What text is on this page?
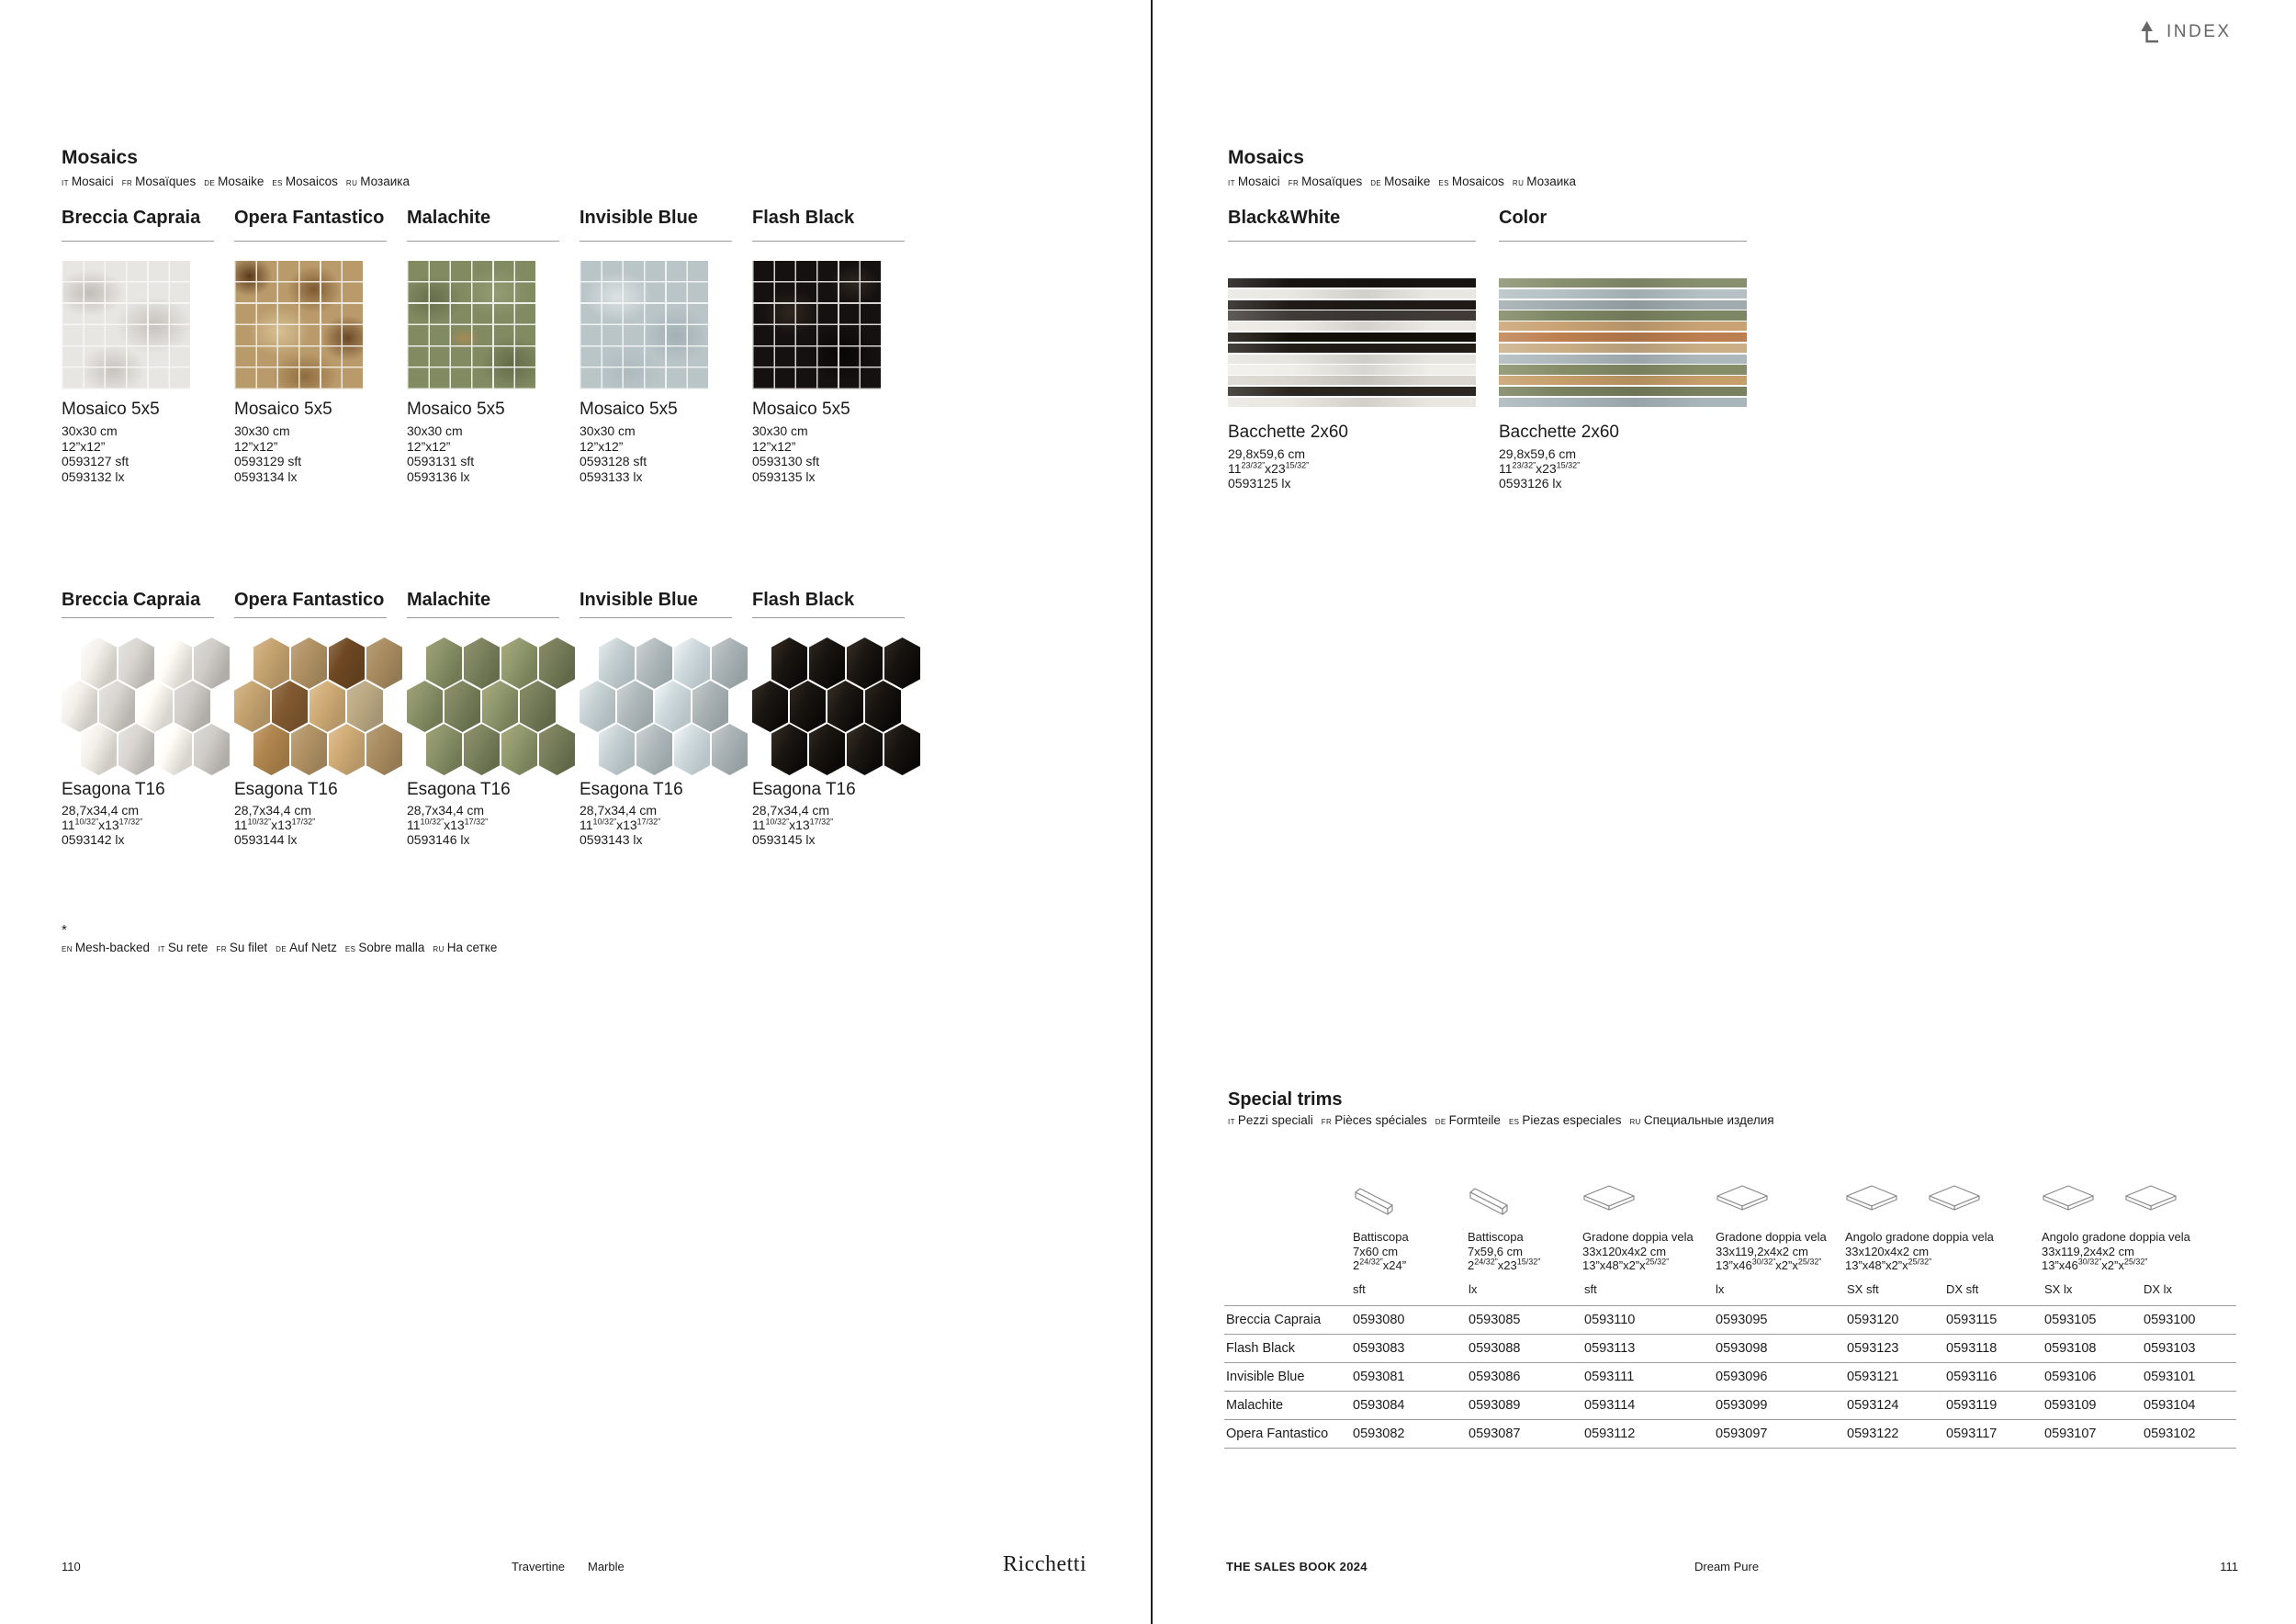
INDEX
Mosaics
IT Mosaici FR Mosaïques DE Mosaike ES Mosaicos RU Мозаика
Breccia Capraia
Mosaico 5x5
30x30 cm
12”x12”
0593127 sft
0593132 lx
Opera Fantastico
Mosaico 5x5
30x30 cm
12”x12”
0593129 sft
0593134 lx
Malachite
Mosaico 5x5
30x30 cm
12”x12”
0593131 sft
0593136 lx
Invisible Blue
Mosaico 5x5
30x30 cm
12”x12”
0593128 sft
0593133 lx
Flash Black
Mosaico 5x5
30x30 cm
12”x12”
0593130 sft
0593135 lx
Breccia Capraia
Esagona T16
28,7x34,4 cm
$11^{10/32”}x13^{17/32”}$
0593142 lx
Opera Fantastico
Esagona T16
28,7x34,4 cm
$11^{10/32”}x13^{17/32”}$
0593144 lx
Malachite
Esagona T16
28,7x34,4 cm
$11^{10/32”}x13^{17/32”}$
0593146 lx
Invisible Blue
Esagona T16
28,7x34,4 cm
$11^{10/32”}x13^{17/32”}$
0593143 lx
Flash Black
Esagona T16
28,7x34,4 cm
$11^{10/32”}x13^{17/32”}$
0593145 lx
*
EN Mesh-backed IT Su rete FR Su filet DE Auf Netz ES Sobre malla RU На сетке
110	Travertine Marble	Ricchetti
Mosaics
IT Mosaici FR Mosaïques DE Mosaike ES Mosaicos RU Мозаика
Black&White
Bacchette 2x60
29,8x59,6 cm
$11^{23/32”}x23^{15/32”}$
0593125 lx
Color
Bacchette 2x60
29,8x59,6 cm
$11^{23/32”}x23^{15/32”}$
0593126 lx
Special trims
IT Pezzi speciali FR Pièces spéciales DE Formteile ES Piezas especiales RU Специальные изделия
Battiscopa
7x60 cm
$2^{24/32”}x24$”
Battiscopa
7x59,6 cm
$2^{24/32”}x23^{15/32”}$
Gradone doppia vela
33x120x4x2 cm
$13”x48”x2”x^{25/32”}$
Gradone doppia vela
33x119,2x4x2 cm
$13”x46^{30/32”}x2”x^{25/32”}$
Angolo gradone doppia vela
33x120x4x2 cm
$13”x48”x2”x^{25/32”}$
Angolo gradone doppia vela
33x119,2x4x2 cm
$13”x46^{30/32”}x2”x^{25/32”}$
sft	lx	sft	lx	SX sft	DX sft	SX lx	DX lx
Breccia Capraia 0593080	0593085	0593110	0593095	0593120	0593115	0593105	0593100
Flash Black	0593083	0593088	0593113	0593098	0593123	0593118	0593108	0593103
Invisible Blue	0593081	0593086	0593111	0593096	0593121	0593116	0593106	0593101
Malachite	0593084	0593089	0593114	0593099	0593124	0593119	0593109	0593104
Opera Fantastico 0593082	0593087	0593112	0593097	0593122	0593117	0593107	0593102
THE SALES BOOK 2024	Dream Pure	111
